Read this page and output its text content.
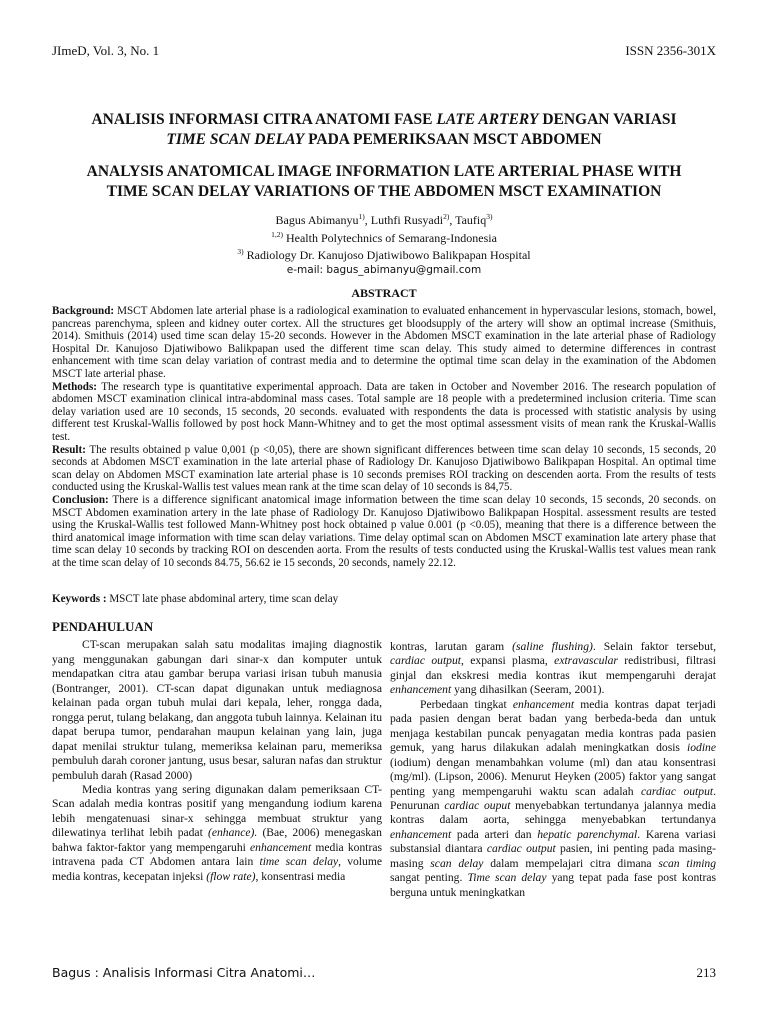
JImeD, Vol. 3, No. 1	ISSN 2356-301X
ANALISIS INFORMASI CITRA ANATOMI FASE LATE ARTERY DENGAN VARIASI
TIME SCAN DELAY PADA PEMERIKSAAN MSCT ABDOMEN
ANALYSIS ANATOMICAL IMAGE INFORMATION LATE ARTERIAL PHASE WITH
TIME SCAN DELAY VARIATIONS OF THE ABDOMEN MSCT EXAMINATION
Bagus Abimanyu$^{1)}$, Luthfi Rusyadi$^{2)}$, Taufiq$^{3)}$
$^{1,2)}$ Health Polytechnics of Semarang-Indonesia
$^{3)}$ Radiology Dr. Kanujoso Djatiwibowo Balikpapan Hospital
e-mail: bagus_abimanyu@gmail.com
ABSTRACT

Background: MSCT Abdomen late arterial phase is a radiological examination to evaluated enhancement in hypervascular lesions, stomach, bowel, pancreas parenchyma, spleen and kidney outer cortex. All the structures get bloodsupply of the artery will show an optimal increase (Smithuis, 2014). Smithuis (2014) used time scan delay 15-20 seconds. However in the Abdomen MSCT examination in the late arterial phase of Radiology Hospital Dr. Kanujoso Djatiwibowo Balikpapan used the different time scan delay. This study aimed to determine differences in contrast enhancement with time scan delay variation of contrast media and to determine the optimal time scan delay in the examination of the Abdomen MSCT late arterial phase.

Methods: The research type is quantitative experimental approach. Data are taken in October and November 2016. The research population of abdomen MSCT examination clinical intra-abdominal mass cases. Total sample are 18 people with a predetermined inclusion criteria. Time scan delay variation used are 10 seconds, 15 seconds, 20 seconds. evaluated with respondents the data is processed with statistic analysis by using different test Kruskal-Wallis followed by post hock Mann-Whitney and to get the most optimal assessment visits of mean rank the Kruskal-Wallis test.

Result: The results obtained p value 0,001 (p <0,05), there are shown significant differences between time scan delay 10 seconds, 15 seconds, 20 seconds at Abdomen MSCT examination in the late arterial phase of Radiology Dr. Kanujoso Djatiwibowo Balikpapan Hospital. An optimal time scan delay on Abdomen MSCT examination late arterial phase is 10 seconds premises ROI tracking on descenden aorta. From the results of tests conducted using the Kruskal-Wallis test values mean rank at the time scan delay of 10 seconds is 84,75.

Conclusion: There is a difference significant anatomical image information between the time scan delay 10 seconds, 15 seconds, 20 seconds. on MSCT Abdomen examination artery in the late phase of Radiology Dr. Kanujoso Djatiwibowo Balikpapan Hospital. assessment results are tested using the Kruskal-Wallis test followed Mann-Whitney post hock obtained p value 0.001 (p <0.05), meaning that there is a difference between the third anatomical image information with time scan delay variations. Time delay optimal scan on Abdomen MSCT examination late artery phase that time scan delay 10 seconds by tracking ROI on descenden aorta. From the results of tests conducted using the Kruskal-Wallis test values mean rank at the time scan delay of 10 seconds 84.75, 56.62 ie 15 seconds, 20 seconds, namely 22.12.

Keywords : MSCT late phase abdominal artery, time scan delay
PENDAHULUAN

CT-scan merupakan salah satu modalitas imajing diagnostik yang menggunakan gabungan dari sinar-x dan komputer untuk mendapatkan citra atau gambar berupa variasi irisan tubuh manusia (Bontranger, 2001). CT-scan dapat digunakan untuk mediagnosa kelainan pada organ tubuh mulai dari kepala, leher, rongga dada, rongga perut, tulang belakang, dan anggota tubuh lainnya. Kelainan itu dapat berupa tumor, pendarahan maupun kelainan yang lain, juga dapat menilai struktur tulang, memeriksa kelainan paru, memeriksa pembuluh darah coroner jantung, usus besar, saluran nafas dan struktur pembuluh darah (Rasad 2000)

Media kontras yang sering digunakan dalam pemeriksaan CT-Scan adalah media kontras positif yang mengandung iodium karena lebih mengatenuasi sinar-x sehingga membuat struktur yang dilewatinya terlihat lebih padat (enhance). (Bae, 2006) menegaskan bahwa faktor-faktor yang mempengaruhi enhancement media kontras intravena pada CT Abdomen antara lain time scan delay, volume media kontras, kecepatan injeksi (flow rate), konsentrasi media

kontras, larutan garam (saline flushing). Selain faktor tersebut, cardiac output, expansi plasma, extravascular redistribusi, filtrasi ginjal dan ekskresi media kontras ikut mempengaruhi derajat enhancement yang dihasilkan (Seeram, 2001).

Perbedaan tingkat enhancement media kontras dapat terjadi pada pasien dengan berat badan yang berbeda-beda dan untuk menjaga kestabilan puncak penyagatan media kontras pada pasien gemuk, yang harus dilakukan adalah meningkatkan dosis iodine (iodium) dengan menambahkan volume (ml) dan atau konsentrasi (mg/ml). (Lipson, 2006). Menurut Heyken (2005) faktor yang sangat penting yang mempengaruhi waktu scan adalah cardiac output. Penurunan cardiac ouput menyebabkan tertundanya jalannya media kontras dalam aorta, sehingga menyebabkan tertundanya enhancement pada arteri dan hepatic parenchymal. Karena variasi substansial diantara cardiac output pasien, ini penting pada masing-masing scan delay dalam mempelajari citra dimana scan timing sangat penting. Time scan delay yang tepat pada fase post kontras berguna untuk meningkatkan

Bagus : Analisis Informasi Citra Anatomi…	213
